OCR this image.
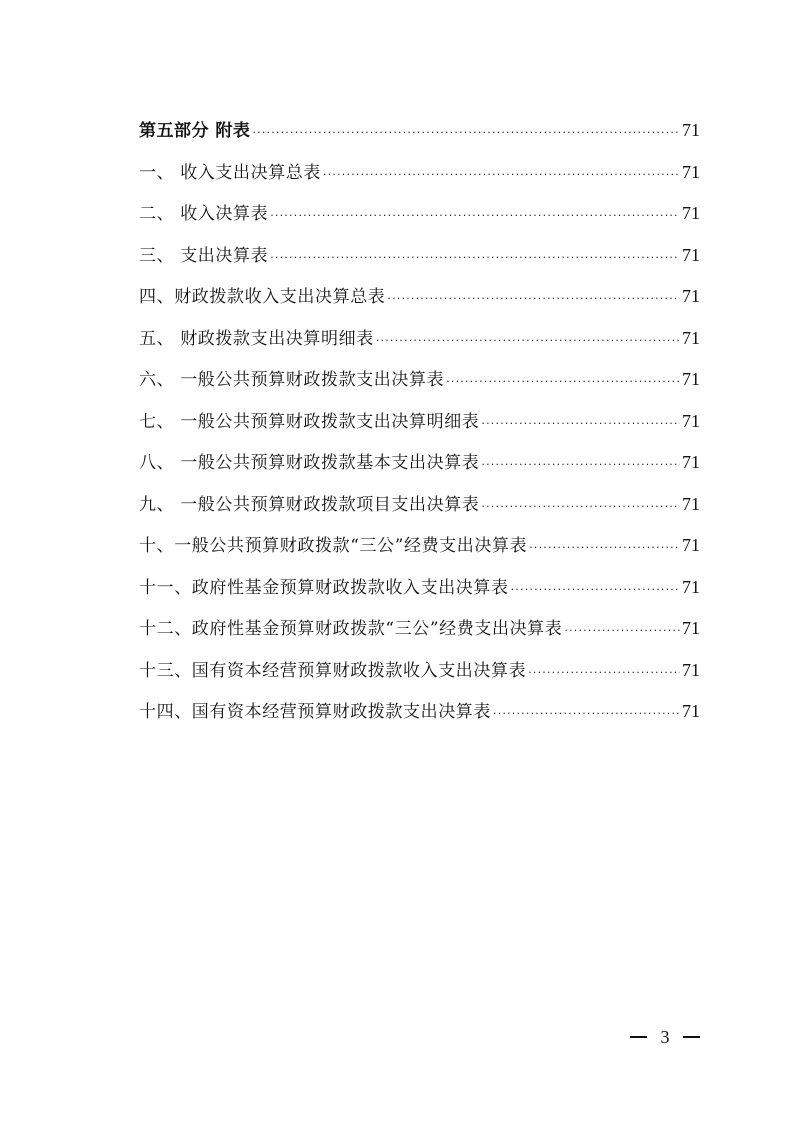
第五部分 附表 ·····	71
一、 收入支出决算总表 ·····	71
二、 收入决算表 ·····	71
三、 支出决算表 ·····	71
四、财政拨款收入支出决算总表 ·····	71
五、 财政拨款支出决算明细表 ·····	71
六、 一般公共预算财政拨款支出决算表 ·····	71
七、 一般公共预算财政拨款支出决算明细表 ·····	71
八、 一般公共预算财政拨款基本支出决算表 ·····	71
九、 一般公共预算财政拨款项目支出决算表 ·····	71
十、一般公共预算财政拨款“三公”经费支出决算表 ·····	71
十一、政府性基金预算财政拨款收入支出决算表 ·····	71
十二、政府性基金预算财政拨款“三公”经费支出决算表 ·····	71
十三、国有资本经营预算财政拨款收入支出决算表 ·····	71
十四、国有资本经营预算财政拨款支出决算表 ·····	71
3
